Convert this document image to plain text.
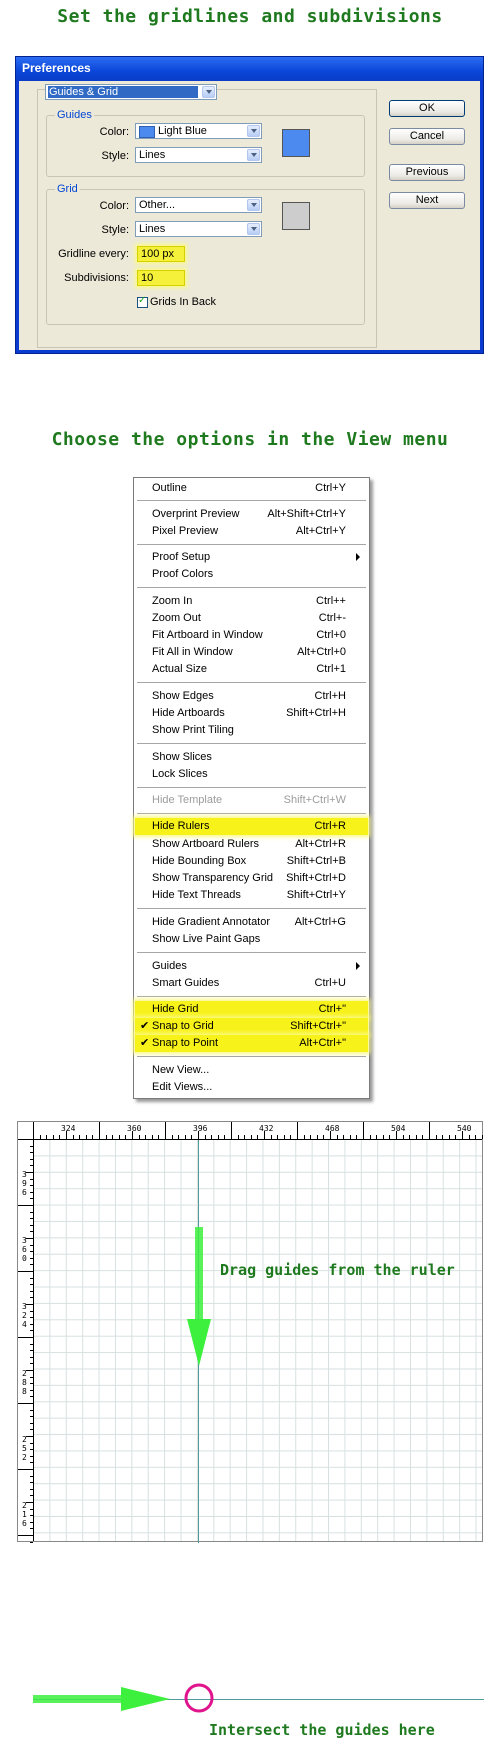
Set the gridlines and subdivisions
Preferences
Guides & Grid
Guides
Color:	Light Blue
Style: Lines
Grid
Color: Other...
Style: Lines
Gridline every:	100 px
Subdivisions:	10
✓
Grids In Back
OK
Cancel
Previous
Next
Choose the options in the View menu
Outline	Ctrl+Y
Overprint Preview	Alt+Shift+Ctrl+Y
Pixel Preview	Alt+Ctrl+Y
Proof Setup
Proof Colors
Zoom In	Ctrl++
Zoom Out	Ctrl+-
Fit Artboard in Window	Ctrl+0
Fit All in Window	Alt+Ctrl+0
Actual Size	Ctrl+1
Show Edges	Ctrl+H
Hide Artboards	Shift+Ctrl+H
Show Print Tiling
Show Slices
Lock Slices
Hide Template	Shift+Ctrl+W
Hide Rulers	Ctrl+R
Show Artboard Rulers	Alt+Ctrl+R
Hide Bounding Box	Shift+Ctrl+B
Show Transparency Grid Shift+Ctrl+D
Hide Text Threads	Shift+Ctrl+Y
Hide Gradient Annotator Alt+Ctrl+G
Show Live Paint Gaps
Guides
Smart Guides	Ctrl+U
Hide Grid	Ctrl+"
✔ Snap to Grid	Shift+Ctrl+"
✔ Snap to Point	Alt+Ctrl+"
New View...
Edit Views...
324	360	396	432	468	504	540
396
360
324
288
252
216
Drag guides from the ruler
Intersect the guides here
